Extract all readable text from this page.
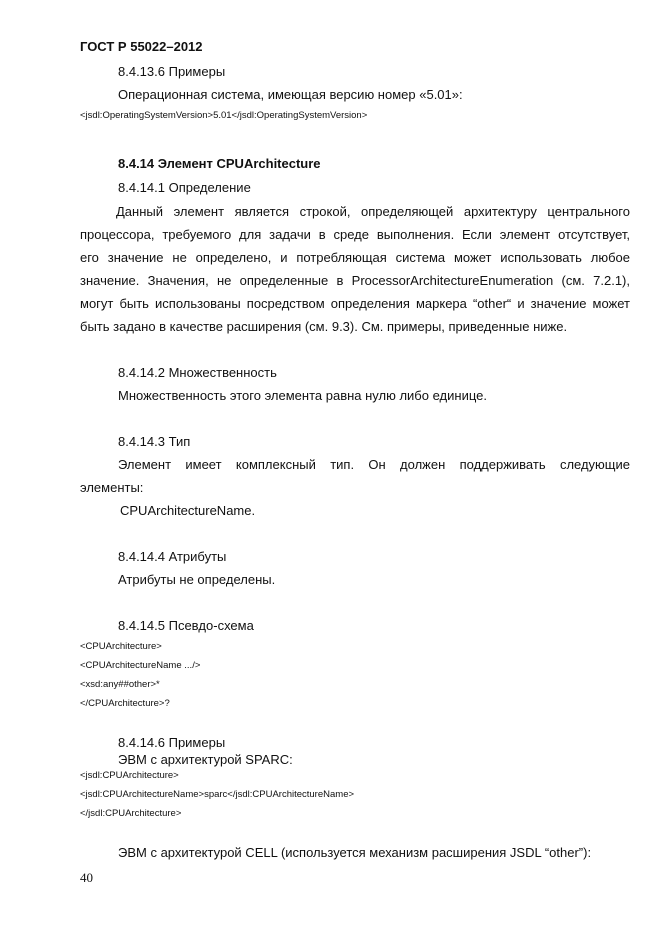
ГОСТ Р 55022–2012
8.4.13.6 Примеры
Операционная система, имеющая версию номер «5.01»:
<jsdl:OperatingSystemVersion>5.01</jsdl:OperatingSystemVersion>
8.4.14 Элемент CPUArchitecture
8.4.14.1 Определение
Данный элемент является строкой, определяющей архитектуру центрального
процессора, требуемого для задачи в среде выполнения. Если элемент отсутствует,
его значение не определено, и потребляющая система может использовать любое
значение. Значения, не определенные в ProcessorArchitectureEnumeration (см. 7.2.1),
могут быть использованы посредством определения маркера “other“ и значение может
быть задано в качестве расширения (см. 9.3). См. примеры, приведенные ниже.
8.4.14.2 Множественность
Множественность этого элемента равна нулю либо единице.
8.4.14.3 Тип
Элемент имеет комплексный тип. Он должен поддерживать следующие
элементы:
CPUArchitectureName.
8.4.14.4 Атрибуты
Атрибуты не определены.
8.4.14.5 Псевдо-схема
<CPUArchitecture>
<CPUArchitectureName .../>
<xsd:any##other>*
</CPUArchitecture>?
8.4.14.6 Примеры
ЭВМ с архитектурой SPARC:
<jsdl:CPUArchitecture>
<jsdl:CPUArchitectureName>sparc</jsdl:CPUArchitectureName>
</jsdl:CPUArchitecture>
ЭВМ с архитектурой CELL (используется механизм расширения JSDL “other”):
40
